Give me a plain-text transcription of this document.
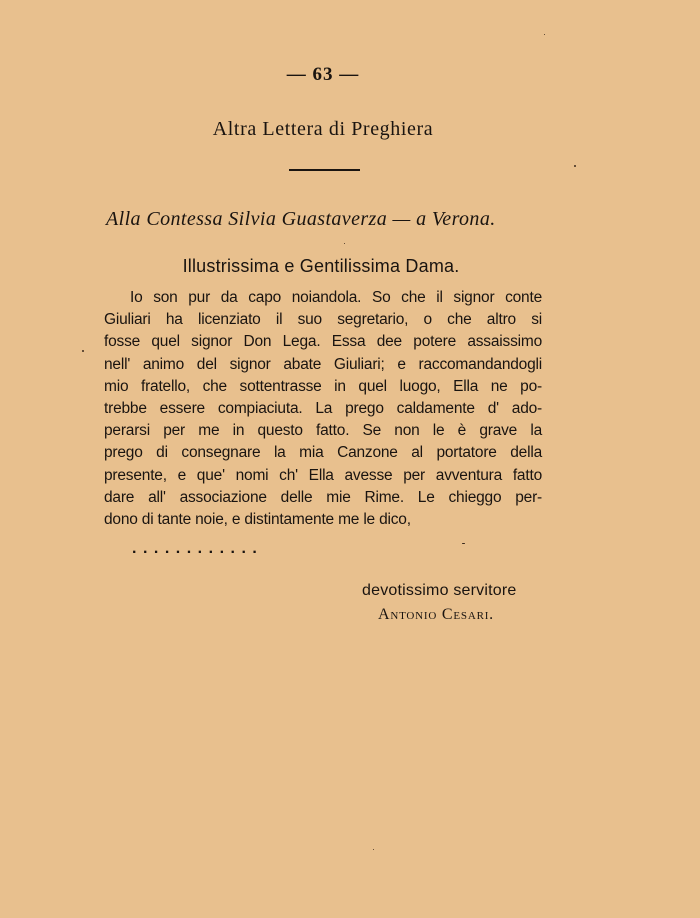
— 63 —
Altra Lettera di Preghiera
Alla Contessa Silvia Guastaverza — a Verona.
Illustrissima e Gentilissima Dama.
Io son pur da capo noiandola. So che il signor conte
Giuliari ha licenziato il suo segretario, o che altro si
fosse quel signor Don Lega. Essa dee potere assaissimo
nell' animo del signor abate Giuliari; e raccomandandogli
mio fratello, che sottentrasse in quel luogo, Ella ne po-
trebbe essere compiaciuta. La prego caldamente d' ado-
perarsi per me in questo fatto. Se non le è grave la
prego di consegnare la mia Canzone al portatore della
presente, e que' nomi ch' Ella avesse per avventura fatto
dare all' associazione delle mie Rime. Le chieggo per-
dono di tante noie, e distintamente me le dico,
............
devotissimo servitore
Antonio Cesari.
